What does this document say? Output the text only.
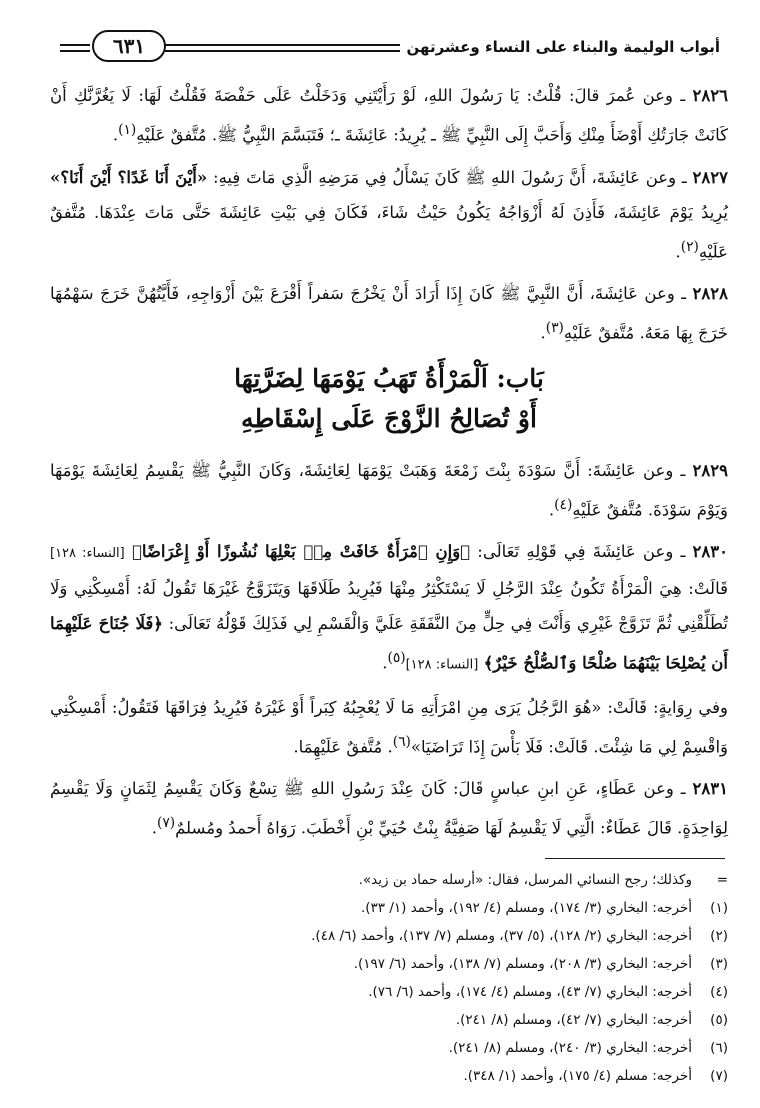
أبواب الوليمة والبناء على النساء وعشرتهن
٦٣١

٢٨٢٦ ـ وعن عُمرَ قالَ: قُلْتُ: يَا رَسُولَ اللهِ، لَوْ رَأَيْتَنِي وَدَخَلْتُ عَلَى حَفْصَةَ فَقُلْتُ لَهَا: لَا يَغُرَّنَّكِ أَنْ كَانَتْ جَارَتُكِ أَوْضَأَ مِنْكِ وَأَحَبَّ إِلَى النَّبِيِّ ﷺ ـ يُرِيدُ: عَائِشَةَ ـ؛ فَتَبَسَّمَ النَّبِيُّ ﷺ. مُتَّفقٌ عَلَيْهِ$^{(١)}$.

٢٨٢٧ ـ وعن عَائِشَةَ، أَنَّ رَسُولَ اللهِ ﷺ كَانَ يَسْأَلُ فِي مَرَضِهِ الَّذِي مَاتَ فِيهِ: «أَيْنَ أَنَا غَدًا؟ أَيْنَ أَنَا؟» يُرِيدُ يَوْمَ عَائِشَةَ، فَأَذِنَ لَهُ أَزْوَاجُهُ يَكُونُ حَيْثُ شَاءَ، فَكَانَ فِي بَيْتِ عَائِشَةَ حَتَّى مَاتَ عِنْدَهَا. مُتَّفقٌ عَلَيْهِ$^{(٢)}$.

٢٨٢٨ ـ وعن عَائِشَةَ، أَنَّ النَّبِيَّ ﷺ كَانَ إِذَا أَرَادَ أَنْ يَخْرُجَ سَفراً أَقْرَعَ بَيْنَ أَزْوَاجِهِ، فَأَيَّتُهُنَّ خَرَجَ سَهْمُهَا خَرَجَ بِهَا مَعَهُ. مُتَّفقٌ عَلَيْهِ$^{(٣)}$.

بَاب: اَلْمَرْأَةُ تَهَبُ يَوْمَهَا لِضَرَّتِهَا
أَوْ تُصَالِحُ الزَّوْجَ عَلَى إِسْقَاطِهِ

٢٨٢٩ ـ وعن عَائِشَةَ: أَنَّ سَوْدَةَ بِنْتَ زَمْعَةَ وَهَبَتْ يَوْمَهَا لِعَائِشَةَ، وَكَانَ النَّبِيُّ ﷺ يَقْسِمُ لِعَائِشَةَ يَوْمَهَا وَيَوْمَ سَوْدَةَ. مُتَّفقٌ عَلَيْهِ$^{(٤)}$.

٢٨٣٠ ـ وعن عَائِشَةَ فِي قَوْلِهِ تَعَالَى: ﴿وَإِنِ ٱمْرَأَةٌ خَافَتْ مِنۢ بَعْلِهَا نُشُوزًا أَوْ إِعْرَاضًا﴾ [النساء: ١٢٨] قَالَتْ: هِيَ الْمَرْأَةُ تَكُونُ عِنْدَ الرَّجُلِ لَا يَسْتَكْثِرُ مِنْهَا فَيُرِيدُ طَلَاقَهَا وَيَتَزَوَّجُ غَيْرَهَا تَقُولُ لَهُ: أَمْسِكْنِي وَلَا تُطَلِّقْنِي ثُمَّ تَزَوَّجْ غَيْرِي وَأَنْتَ فِي حِلٍّ مِنَ النَّفَقَةِ عَلَيَّ وَالْقَسْمِ لِي فَذَلِكَ قَوْلُهُ تَعَالَى: ﴿فَلَا جُنَاحَ عَلَيْهِمَا أَن يُصْلِحَا بَيْنَهُمَا صُلْحًا وَٱلصُّلْحُ خَيْرٌ﴾ [النساء: ١٢٨]$^{(٥)}$.

وفي رِوَايةٍ: قَالَتْ: «هُوَ الرَّجُلُ يَرَى مِنِ امْرَأَتِهِ مَا لَا يُعْجِبُهُ كِبَراً أَوْ غَيْرَهُ فَيُرِيدُ فِرَاقَهَا فَتَقُولُ: أَمْسِكْنِي وَاقْسِمْ لِي مَا شِئْتَ. قَالَتْ: فَلَا بَأْسَ إِذَا تَرَاضَيَا»$^{(٦)}$. مُتَّفقٌ عَلَيْهِمَا.

٢٨٣١ ـ وعن عَطَاءٍ، عَنِ ابنِ عباسٍ قَالَ: كَانَ عِنْدَ رَسُولِ اللهِ ﷺ تِسْعٌ وَكَانَ يَقْسِمُ لِثَمَانٍ وَلَا يَقْسِمُ لِوَاحِدَةٍ. قَالَ عَطَاءٌ: الَّتِي لَا يَقْسِمُ لَهَا صَفِيَّةُ بِنْتُ حُيَيِّ بْنِ أَخْطَبَ. رَوَاهُ أَحمدُ ومُسلمٌ$^{(٧)}$.

=وكذلك؛ رجح النسائي المرسل، فقال: «أرسله حماد بن زيد».

(١)أخرجه: البخاري (٣/ ١٧٤)، ومسلم (٤/ ١٩٢)، وأحمد (١/ ٣٣).

(٢)أخرجه: البخاري (٢/ ١٢٨)، (٥/ ٣٧)، ومسلم (٧/ ١٣٧)، وأحمد (٦/ ٤٨).

(٣)أخرجه: البخاري (٣/ ٢٠٨)، ومسلم (٧/ ١٣٨)، وأحمد (٦/ ١٩٧).

(٤)أخرجه: البخاري (٧/ ٤٣)، ومسلم (٤/ ١٧٤)، وأحمد (٦/ ٧٦).

(٥)أخرجه: البخاري (٧/ ٤٢)، ومسلم (٨/ ٢٤١).

(٦)أخرجه: البخاري (٣/ ٢٤٠)، ومسلم (٨/ ٢٤١).

(٧)أخرجه: مسلم (٤/ ١٧٥)، وأحمد (١/ ٣٤٨).
